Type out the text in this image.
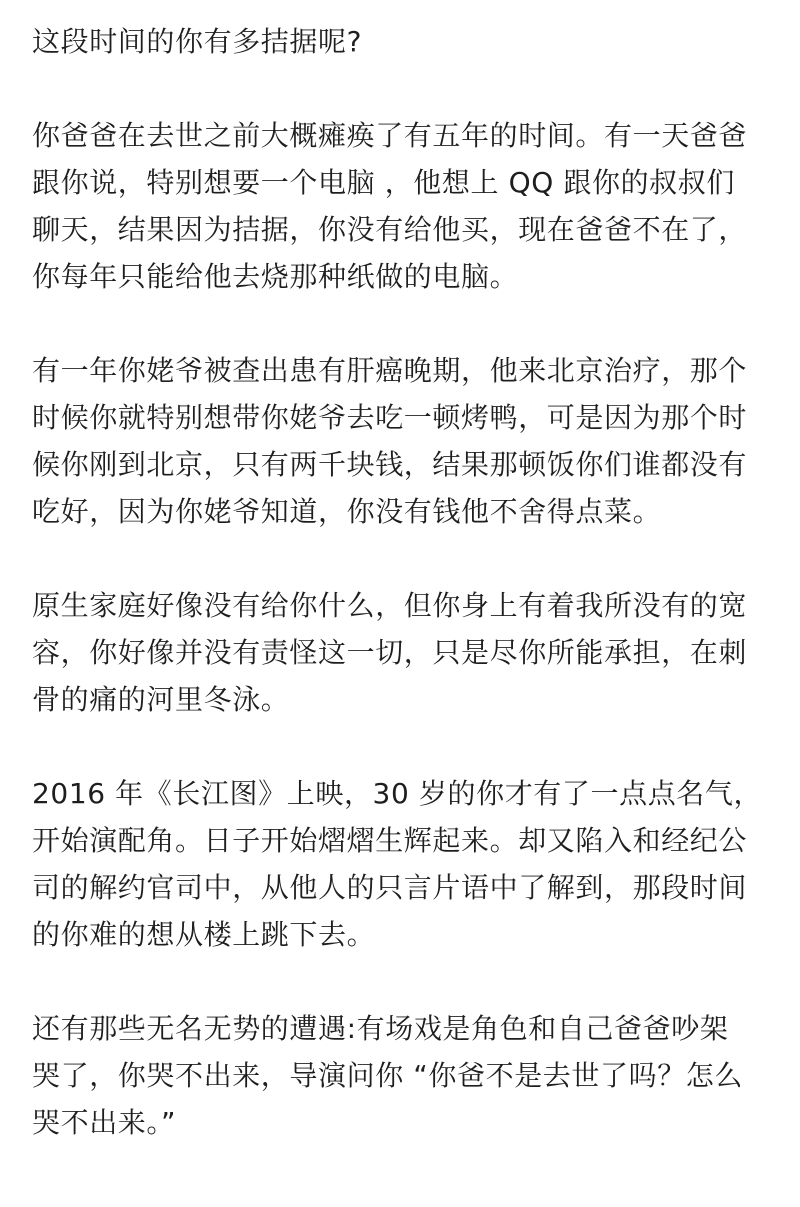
这段时间的你有多拮据呢?
你爸爸在去世之前大概瘫痪了有五年的时间。有一天爸爸
跟你说，特别想要一个电脑 ，他想上 QQ 跟你的叔叔们
聊天，结果因为拮据，你没有给他买，现在爸爸不在了，
你每年只能给他去烧那种纸做的电脑。
有一年你姥爷被查出患有肝癌晚期，他来北京治疗，那个
时候你就特别想带你姥爷去吃一顿烤鸭，可是因为那个时
候你刚到北京，只有两千块钱，结果那顿饭你们谁都没有
吃好，因为你姥爷知道，你没有钱他不舍得点菜。
原生家庭好像没有给你什么，但你身上有着我所没有的宽
容，你好像并没有责怪这一切，只是尽你所能承担，在刺
骨的痛的河里冬泳。
2016 年《长江图》上映，30 岁的你才有了一点点名气，
开始演配角。日子开始熠熠生辉起来。却又陷入和经纪公
司的解约官司中，从他人的只言片语中了解到，那段时间
的你难的想从楼上跳下去。
还有那些无名无势的遭遇:有场戏是角色和自己爸爸吵架
哭了，你哭不出来，导演问你 “你爸不是去世了吗？怎么
哭不出来。”
